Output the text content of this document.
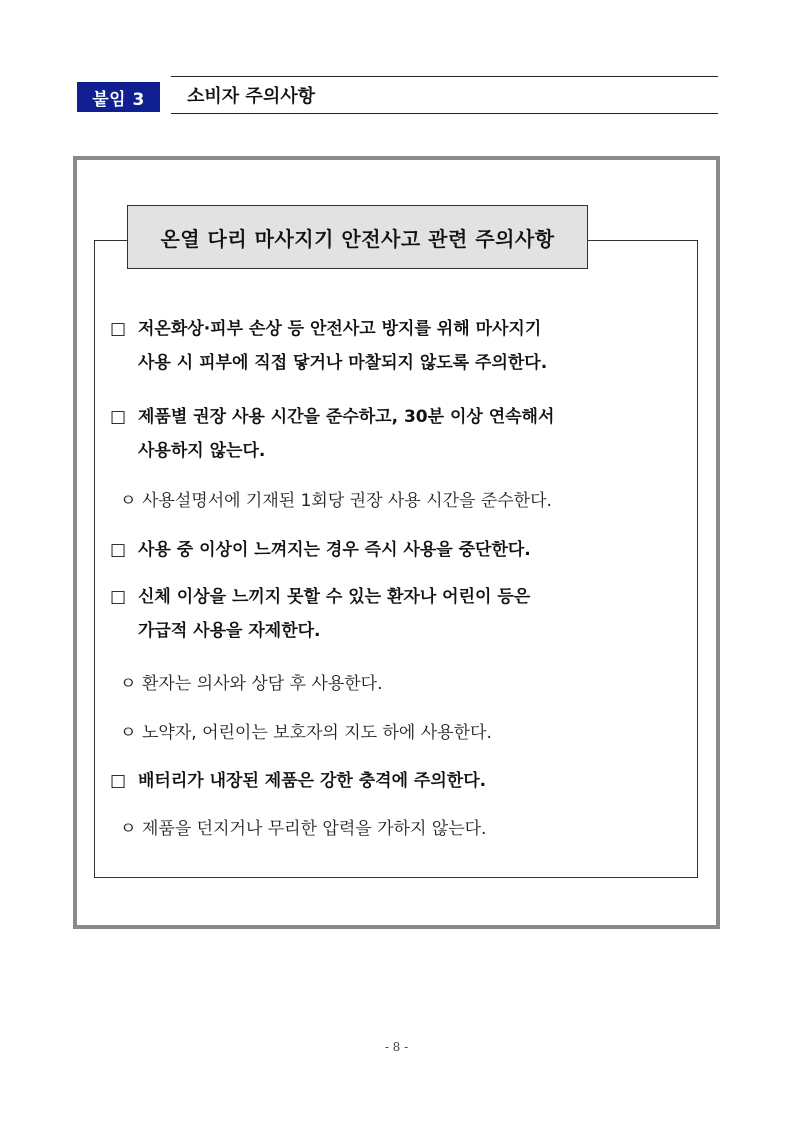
붙임 3	소비자 주의사항
온열 다리 마사지기 안전사고 관련 주의사항
□ 저온화상·피부 손상 등 안전사고 방지를 위해 마사지기
사용 시 피부에 직접 닿거나 마찰되지 않도록 주의한다.
□ 제품별 권장 사용 시간을 준수하고, 30분 이상 연속해서
사용하지 않는다.
ㅇ 사용설명서에 기재된 1회당 권장 사용 시간을 준수한다.
□ 사용 중 이상이 느껴지는 경우 즉시 사용을 중단한다.
□ 신체 이상을 느끼지 못할 수 있는 환자나 어린이 등은
가급적 사용을 자제한다.
ㅇ 환자는 의사와 상담 후 사용한다.
ㅇ 노약자, 어린이는 보호자의 지도 하에 사용한다.
□ 배터리가 내장된 제품은 강한 충격에 주의한다.
ㅇ 제품을 던지거나 무리한 압력을 가하지 않는다.
- 8 -
